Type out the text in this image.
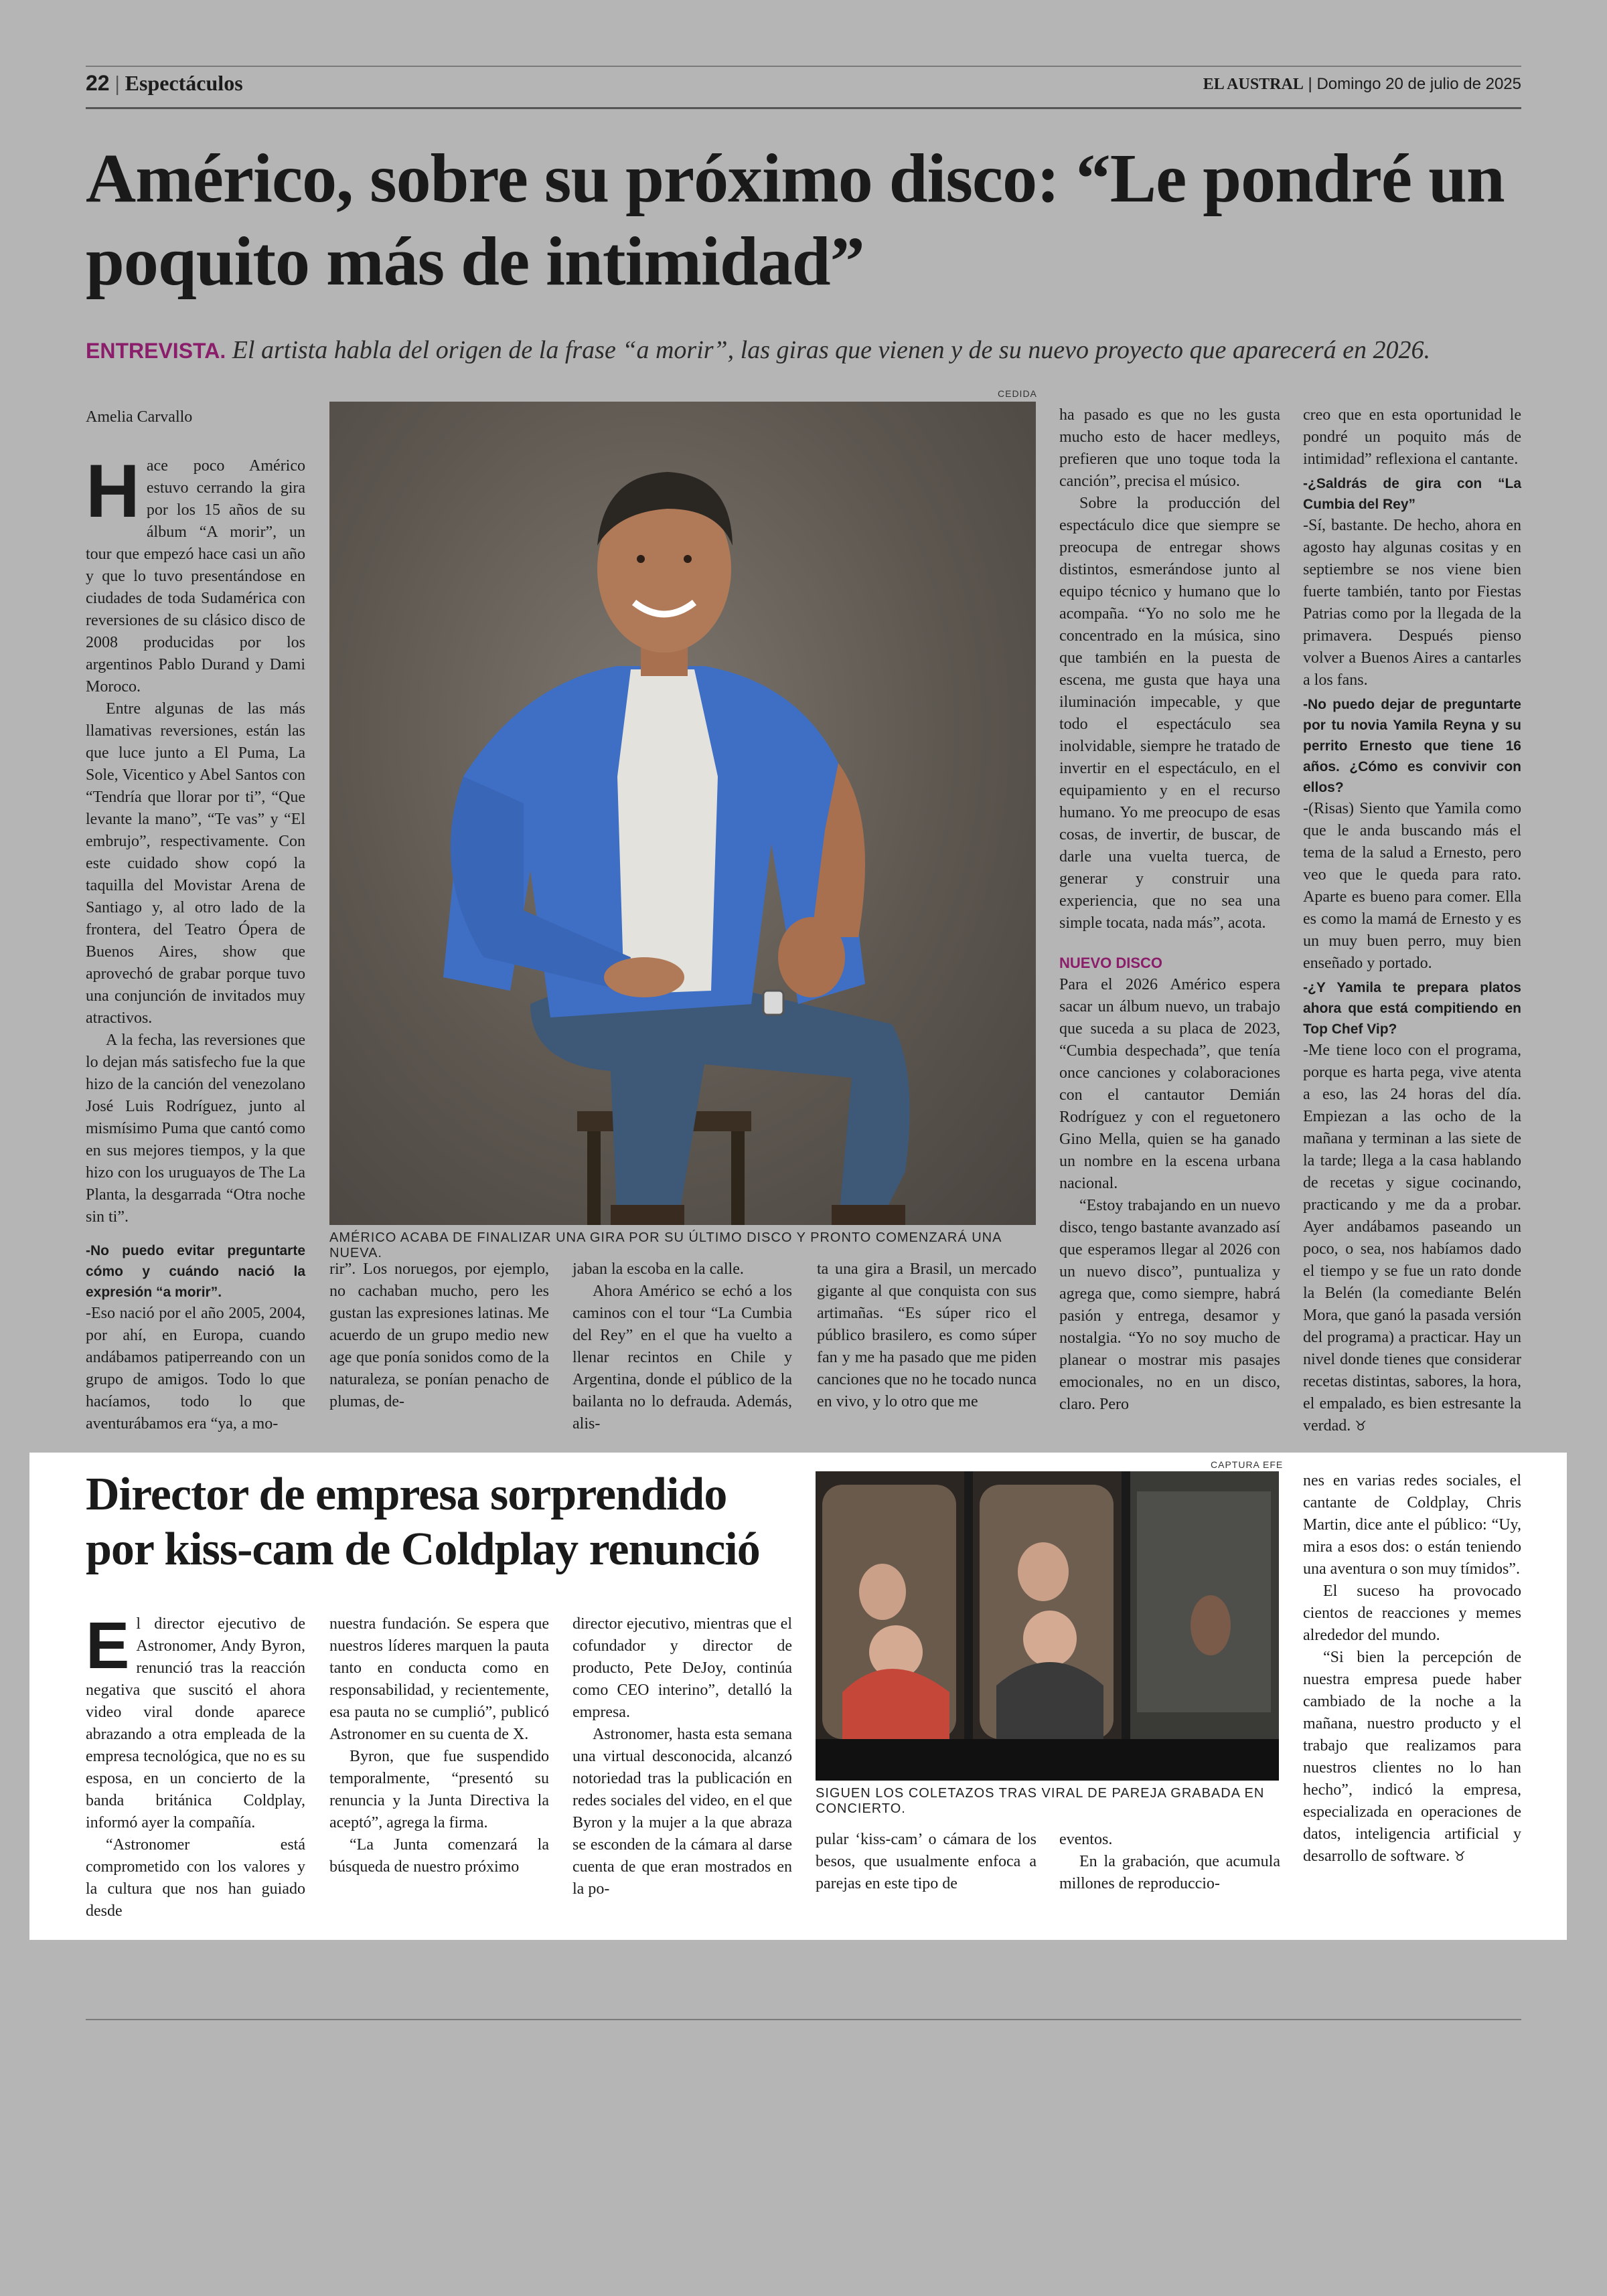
22 | Espectáculos	EL AUSTRAL | Domingo 20 de julio de 2025
Américo, sobre su próximo disco: “Le pondré un poquito más de intimidad”
ENTREVISTA. El artista habla del origen de la frase “a morir”, las giras que vienen y de su nuevo proyecto que aparecerá en 2026.
Amelia Carvallo

Hace poco Américo estuvo cerrando la gira por los 15 años de su álbum “A morir”, un tour que empezó hace casi un año y que lo tuvo presentándose en ciudades de toda Sudamérica con reversiones de su clásico disco de 2008 producidas por los argentinos Pablo Durand y Dami Moroco.

Entre algunas de las más llamativas reversiones, están las que luce junto a El Puma, La Sole, Vicentico y Abel Santos con “Tendría que llorar por ti”, “Que levante la mano”, “Te vas” y “El embrujo”, respectivamente. Con este cuidado show copó la taquilla del Movistar Arena de Santiago y, al otro lado de la frontera, del Teatro Ópera de Buenos Aires, show que aprovechó de grabar porque tuvo una conjunción de invitados muy atractivos.

A la fecha, las reversiones que lo dejan más satisfecho fue la que hizo de la canción del venezolano José Luis Rodríguez, junto al mismísimo Puma que cantó como en sus mejores tiempos, y la que hizo con los uruguayos de The La Planta, la desgarrada “Otra noche sin ti”.

-No puedo evitar preguntarte cómo y cuándo nació la expresión “a morir”.

-Eso nació por el año 2005, 2004, por ahí, en Europa, cuando andábamos patiperreando con un grupo de amigos. Todo lo que hacíamos, todo lo que aventurábamos era “ya, a mo-

CEDIDA
AMÉRICO ACABA DE FINALIZAR UNA GIRA POR SU ÚLTIMO DISCO Y PRONTO COMENZARÁ UNA NUEVA.

rir”. Los noruegos, por ejemplo, no cachaban mucho, pero les gustan las expresiones latinas. Me acuerdo de un grupo medio new age que ponía sonidos como de la naturaleza, se ponían penacho de plumas, de-

jaban la escoba en la calle.

Ahora Américo se echó a los caminos con el tour “La Cumbia del Rey” en el que ha vuelto a llenar recintos en Chile y Argentina, donde el público de la bailanta no lo defrauda. Además, alis-

ta una gira a Brasil, un mercado gigante al que conquista con sus artimañas. “Es súper rico el público brasilero, es como súper fan y me ha pasado que me piden canciones que no he tocado nunca en vivo, y lo otro que me

ha pasado es que no les gusta mucho esto de hacer medleys, prefieren que uno toque toda la canción”, precisa el músico.

Sobre la producción del espectáculo dice que siempre se preocupa de entregar shows distintos, esmerándose junto al equipo técnico y humano que lo acompaña. “Yo no solo me he concentrado en la música, sino que también en la puesta de escena, me gusta que haya una iluminación impecable, y que todo el espectáculo sea inolvidable, siempre he tratado de invertir en el espectáculo, en el equipamiento y en el recurso humano. Yo me preocupo de esas cosas, de invertir, de buscar, de darle una vuelta tuerca, de generar y construir una experiencia, que no sea una simple tocata, nada más”, acota.

NUEVO DISCO

Para el 2026 Américo espera sacar un álbum nuevo, un trabajo que suceda a su placa de 2023, “Cumbia despechada”, que tenía once canciones y colaboraciones con el cantautor Demián Rodríguez y con el reguetonero Gino Mella, quien se ha ganado un nombre en la escena urbana nacional.

“Estoy trabajando en un nuevo disco, tengo bastante avanzado así que esperamos llegar al 2026 con un nuevo disco”, puntualiza y agrega que, como siempre, habrá pasión y entrega, desamor y nostalgia. “Yo no soy mucho de planear o mostrar mis pasajes emocionales, no en un disco, claro. Pero

creo que en esta oportunidad le pondré un poquito más de intimidad” reflexiona el cantante.

-¿Saldrás de gira con “La Cumbia del Rey”

-Sí, bastante. De hecho, ahora en agosto hay algunas cositas y en septiembre se nos viene bien fuerte también, tanto por Fiestas Patrias como por la llegada de la primavera. Después pienso volver a Buenos Aires a cantarles a los fans.

-No puedo dejar de preguntarte por tu novia Yamila Reyna y su perrito Ernesto que tiene 16 años. ¿Cómo es convivir con ellos?

-(Risas) Siento que Yamila como que le anda buscando más el tema de la salud a Ernesto, pero veo que le queda para rato. Aparte es bueno para comer. Ella es como la mamá de Ernesto y es un muy buen perro, muy bien enseñado y portado.

-¿Y Yamila te prepara platos ahora que está compitiendo en Top Chef Vip?

-Me tiene loco con el programa, porque es harta pega, vive atenta a eso, las 24 horas del día. Empiezan a las ocho de la mañana y terminan a las siete de la tarde; llega a la casa hablando de recetas y sigue cocinando, practicando y me da a probar. Ayer andábamos paseando un poco, o sea, nos habíamos dado el tiempo y se fue un rato donde la Belén (la comediante Belén Mora, que ganó la pasada versión del programa) a practicar. Hay un nivel donde tienes que considerar recetas distintas, sabores, la hora, el empalado, es bien estresante la verdad. ♉

Director de empresa sorprendido por kiss-cam de Coldplay renunció

El director ejecutivo de Astronomer, Andy Byron, renunció tras la reacción negativa que suscitó el ahora video viral donde aparece abrazando a otra empleada de la empresa tecnológica, que no es su esposa, en un concierto de la banda británica Coldplay, informó ayer la compañía.

“Astronomer está comprometido con los valores y la cultura que nos han guiado desde

nuestra fundación. Se espera que nuestros líderes marquen la pauta tanto en conducta como en responsabilidad, y recientemente, esa pauta no se cumplió”, publicó Astronomer en su cuenta de X.

Byron, que fue suspendido temporalmente, “presentó su renuncia y la Junta Directiva la aceptó”, agrega la firma.

“La Junta comenzará la búsqueda de nuestro próximo

director ejecutivo, mientras que el cofundador y director de producto, Pete DeJoy, continúa como CEO interino”, detalló la empresa.

Astronomer, hasta esta semana una virtual desconocida, alcanzó notoriedad tras la publicación en redes sociales del video, en el que Byron y la mujer a la que abraza se esconden de la cámara al darse cuenta de que eran mostrados en la po-

CAPTURA EFE
SIGUEN LOS COLETAZOS TRAS VIRAL DE PAREJA GRABADA EN CONCIERTO.

pular ‘kiss-cam’ o cámara de los besos, que usualmente enfoca a parejas en este tipo de

eventos.

En la grabación, que acumula millones de reproduccio-

nes en varias redes sociales, el cantante de Coldplay, Chris Martin, dice ante el público: “Uy, mira a esos dos: o están teniendo una aventura o son muy tímidos”.

El suceso ha provocado cientos de reacciones y memes alrededor del mundo.

“Si bien la percepción de nuestra empresa puede haber cambiado de la noche a la mañana, nuestro producto y el trabajo que realizamos para nuestros clientes no lo han hecho”, indicó la empresa, especializada en operaciones de datos, inteligencia artificial y desarrollo de software. ♉
